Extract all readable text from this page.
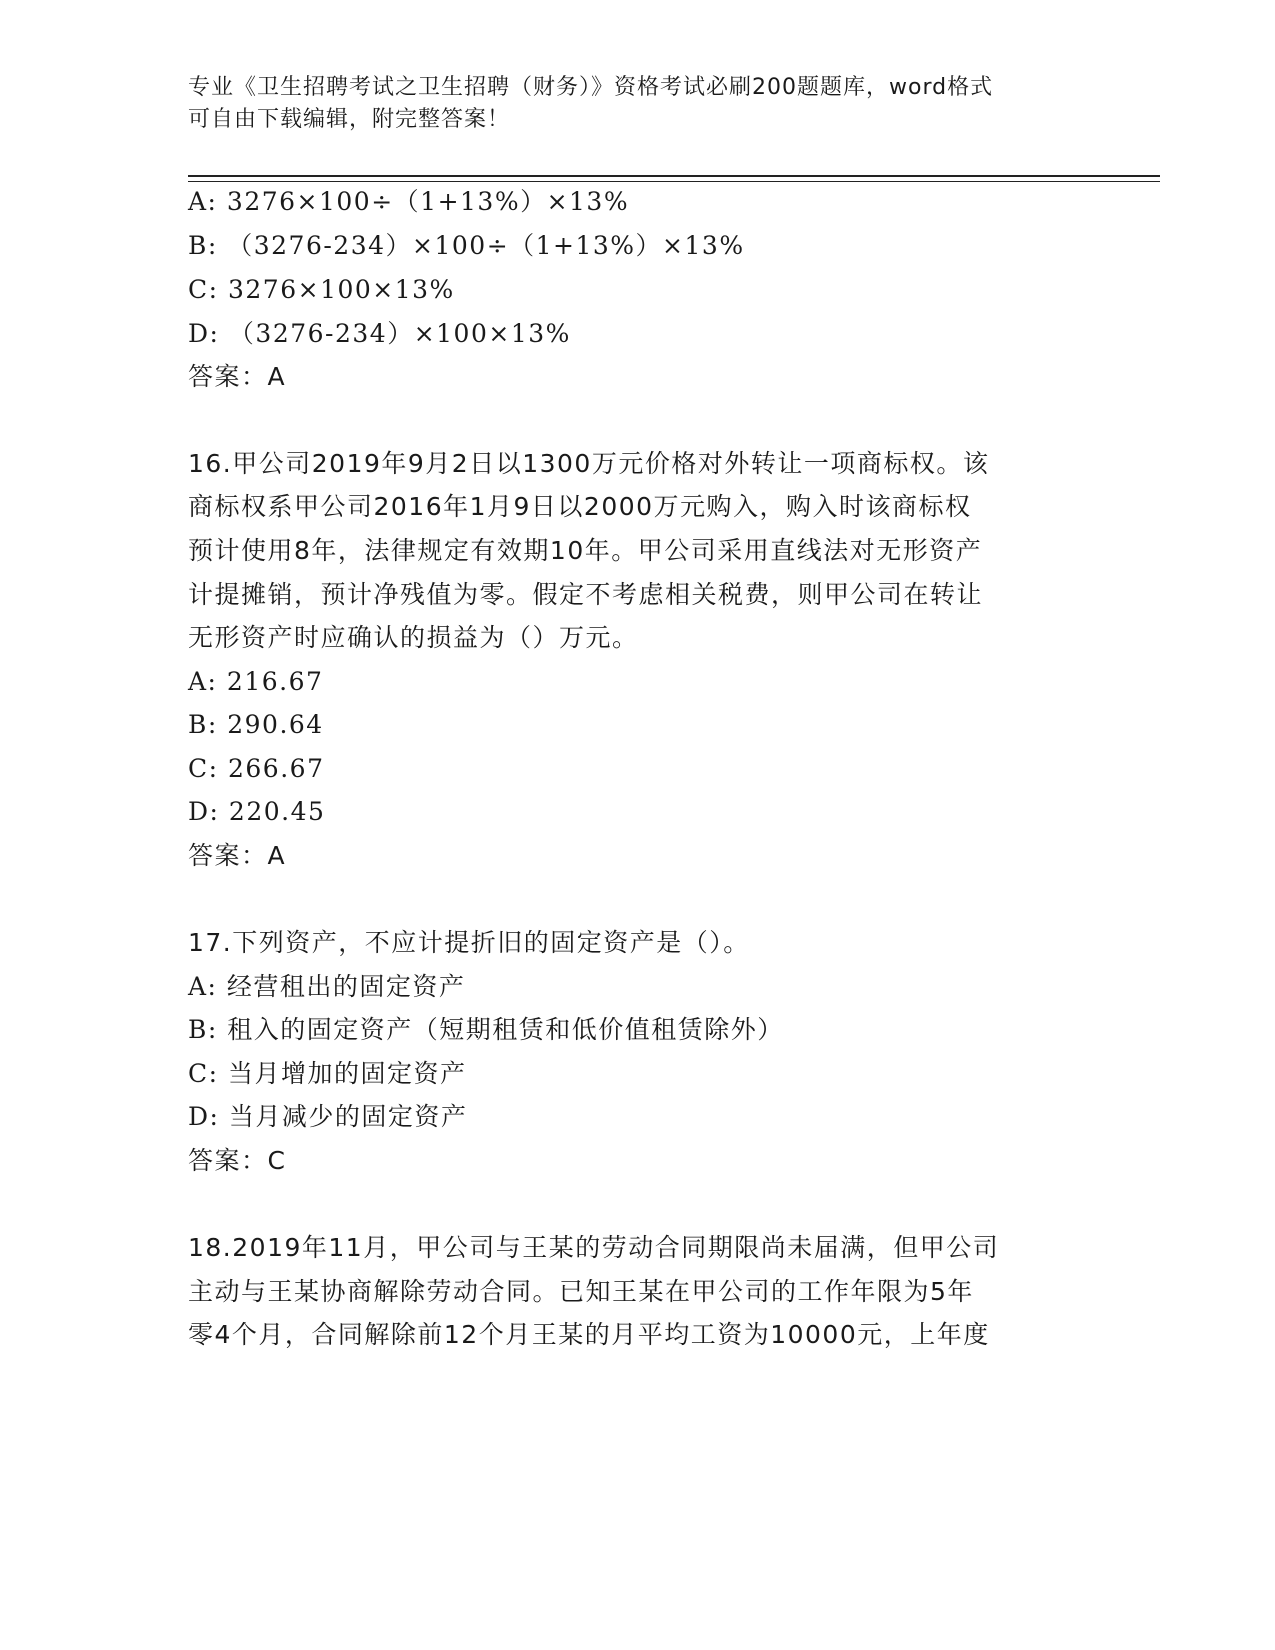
专业《卫生招聘考试之卫生招聘（财务）》资格考试必刷200题题库，word格式
可自由下载编辑，附完整答案！
A: 3276×100÷（1+13%）×13%
B: （3276-234）×100÷（1+13%）×13%
C: 3276×100×13%
D: （3276-234）×100×13%
答案：A
16.甲公司2019年9月2日以1300万元价格对外转让一项商标权。该
商标权系甲公司2016年1月9日以2000万元购入，购入时该商标权
预计使用8年，法律规定有效期10年。甲公司采用直线法对无形资产
计提摊销，预计净残值为零。假定不考虑相关税费，则甲公司在转让
无形资产时应确认的损益为（）万元。
A: 216.67
B: 290.64
C: 266.67
D: 220.45
答案：A
17.下列资产，不应计提折旧的固定资产是（）。
A: 经营租出的固定资产
B: 租入的固定资产（短期租赁和低价值租赁除外）
C: 当月增加的固定资产
D: 当月减少的固定资产
答案：C
18.2019年11月，甲公司与王某的劳动合同期限尚未届满，但甲公司
主动与王某协商解除劳动合同。已知王某在甲公司的工作年限为5年
零4个月，合同解除前12个月王某的月平均工资为10000元，上年度
